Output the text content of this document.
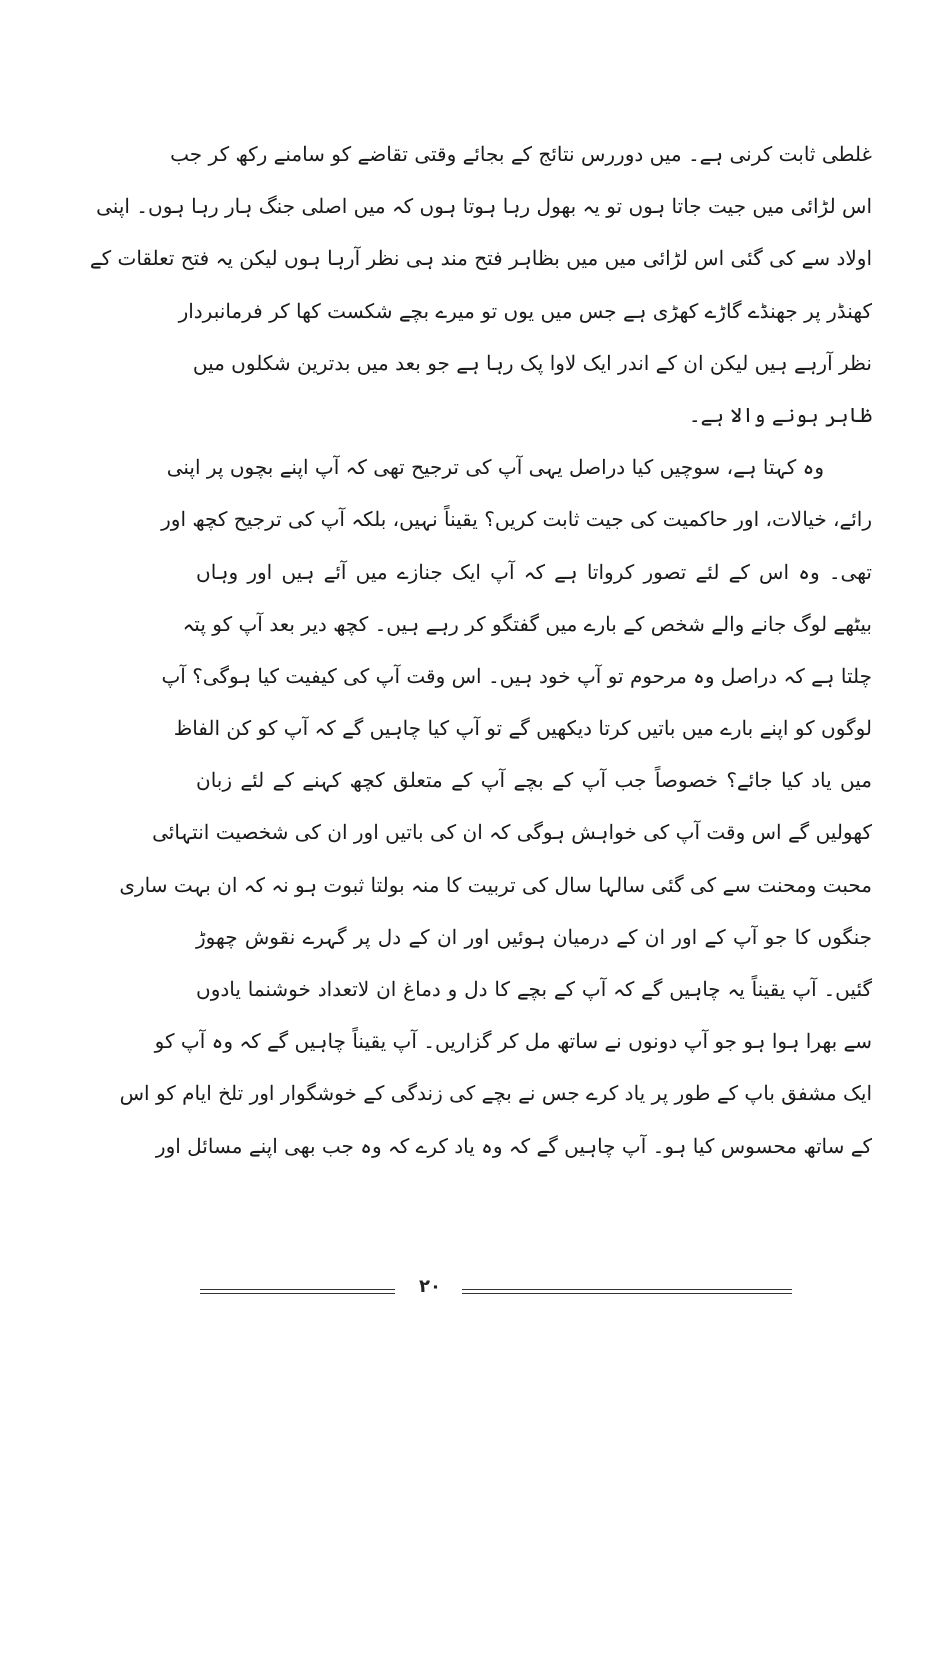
غلطی ثابت کرنی ہے۔ میں دوررس نتائج کے بجائے وقتی تقاضے کو سامنے رکھ کر جب
اس لڑائی میں جیت جاتا ہوں تو یہ بھول رہا ہوتا ہوں کہ میں اصلی جنگ ہار رہا ہوں۔ اپنی
اولاد سے کی گئی اس لڑائی میں میں بظاہر فتح مند ہی نظر آرہا ہوں لیکن یہ فتح تعلقات کے
کھنڈر پر جھنڈے گاڑے کھڑی ہے جس میں یوں تو میرے بچے شکست کھا کر فرمانبردار
نظر آرہے ہیں لیکن ان کے اندر ایک لاوا پک رہا ہے جو بعد میں بدترین شکلوں میں
ظاہر ہونے والا ہے۔
وہ کہتا ہے، سوچیں کیا دراصل یہی آپ کی ترجیح تھی کہ آپ اپنے بچوں پر اپنی
رائے، خیالات، اور حاکمیت کی جیت ثابت کریں؟ یقیناً نہیں، بلکہ آپ کی ترجیح کچھ اور
تھی۔ وہ اس کے لئے تصور کرواتا ہے کہ آپ ایک جنازے میں آئے ہیں اور وہاں
بیٹھے لوگ جانے والے شخص کے بارے میں گفتگو کر رہے ہیں۔ کچھ دیر بعد آپ کو پتہ
چلتا ہے کہ دراصل وہ مرحوم تو آپ خود ہیں۔ اس وقت آپ کی کیفیت کیا ہوگی؟ آپ
لوگوں کو اپنے بارے میں باتیں کرتا دیکھیں گے تو آپ کیا چاہیں گے کہ آپ کو کن الفاظ
میں یاد کیا جائے؟ خصوصاً جب آپ کے بچے آپ کے متعلق کچھ کہنے کے لئے زبان
کھولیں گے اس وقت آپ کی خواہش ہوگی کہ ان کی باتیں اور ان کی شخصیت انتہائی
محبت ومحنت سے کی گئی سالہا سال کی تربیت کا منہ بولتا ثبوت ہو نہ کہ ان بہت ساری
جنگوں کا جو آپ کے اور ان کے درمیان ہوئیں اور ان کے دل پر گہرے نقوش چھوڑ
گئیں۔ آپ یقیناً یہ چاہیں گے کہ آپ کے بچے کا دل و دماغ ان لاتعداد خوشنما یادوں
سے بھرا ہوا ہو جو آپ دونوں نے ساتھ مل کر گزاریں۔ آپ یقیناً چاہیں گے کہ وہ آپ کو
ایک مشفق باپ کے طور پر یاد کرے جس نے بچے کی زندگی کے خوشگوار اور تلخ ایام کو اس
کے ساتھ محسوس کیا ہو۔ آپ چاہیں گے کہ وہ یاد کرے کہ وہ جب بھی اپنے مسائل اور
۲۰
